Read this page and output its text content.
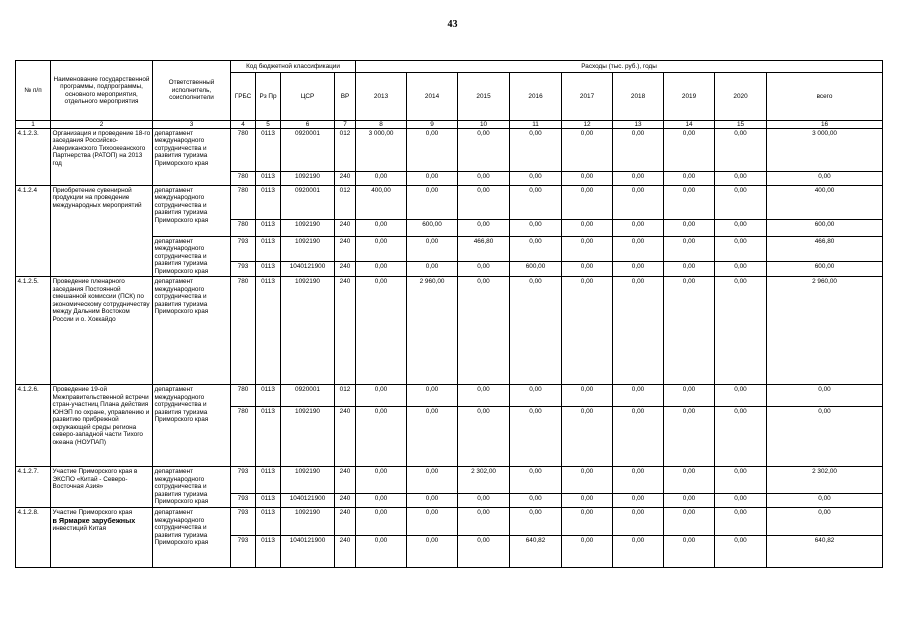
43
№ п/п	Наименование государственной программы, подпрограммы, основного мероприятия, отдельного мероприятия	Ответственный исполнитель, соисполнители	Код бюджетной классификации				Расходы (тыс. руб.), годы								
			ГРБС	Рз Пр	ЦСР	ВР	2013	2014	2015	2016	2017	2018	2019	2020	всего
1	2	3	4	5	6	7	8	9	10	11	12	13	14	15	16
4.1.2.3.	Организация и проведение 18-го заседания Российско-Американского Тихоокеанского Партнерства (РАТОП) на 2013 год	департамент международного сотрудничества и развития туризма Приморского края	780	0113	0920001	012	3 000,00	0,00	0,00	0,00	0,00	0,00	0,00	0,00	3 000,00
			780	0113	1092190	240	0,00	0,00	0,00	0,00	0,00	0,00	0,00	0,00	0,00
4.1.2.4	Приобретение сувенирной продукции на проведение международных мероприятий	департамент международного сотрудничества и развития туризма Приморского края	780	0113	0920001	012	400,00	0,00	0,00	0,00	0,00	0,00	0,00	0,00	400,00
			780	0113	1092190	240	0,00	600,00	0,00	0,00	0,00	0,00	0,00	0,00	600,00
		департамент международного сотрудничества и развития туризма Приморского края	793	0113	1092190	240	0,00	0,00	466,80	0,00	0,00	0,00	0,00	0,00	466,80
			793	0113	1040121900	240	0,00	0,00	0,00	600,00	0,00	0,00	0,00	0,00	600,00
4.1.2.5.	Проведение пленарного заседания Постоянной смешанной комиссии (ПСК) по экономическому сотрудничеству между Дальним Востоком России и о. Хоккайдо	департамент международного сотрудничества и развития туризма Приморского края	780	0113	1092190	240	0,00	2 960,00	0,00	0,00	0,00	0,00	0,00	0,00	2 960,00
4.1.2.6.	Проведение 19-ой Межправительственной встречи стран-участниц Плана действия ЮНЭП по охране, управлению и развитию прибрежной окружающей среды региона северо-западной части Тихого океана (НОУПАП)	департамент международного сотрудничества и развития туризма Приморского края	780	0113	0920001	012	0,00	0,00	0,00	0,00	0,00	0,00	0,00	0,00	0,00
			780	0113	1092190	240	0,00	0,00	0,00	0,00	0,00	0,00	0,00	0,00	0,00
4.1.2.7.	Участие Приморского края в ЭКСПО «Китай - Северо-Восточная Азия»	департамент международного сотрудничества и развития туризма Приморского края	793	0113	1092190	240	0,00	0,00	2 302,00	0,00	0,00	0,00	0,00	0,00	2 302,00
			793	0113	1040121900	240	0,00	0,00	0,00	0,00	0,00	0,00	0,00	0,00	0,00
4.1.2.8.	Участие Приморского края
в Ярмарке зарубежных
инвестиций Китая	департамент международного сотрудничества и развития туризма Приморского края	793	0113	1092190	240	0,00	0,00	0,00	0,00	0,00	0,00	0,00	0,00	0,00
			793	0113	1040121900	240	0,00	0,00	0,00	640,82	0,00	0,00	0,00	0,00	640,82
